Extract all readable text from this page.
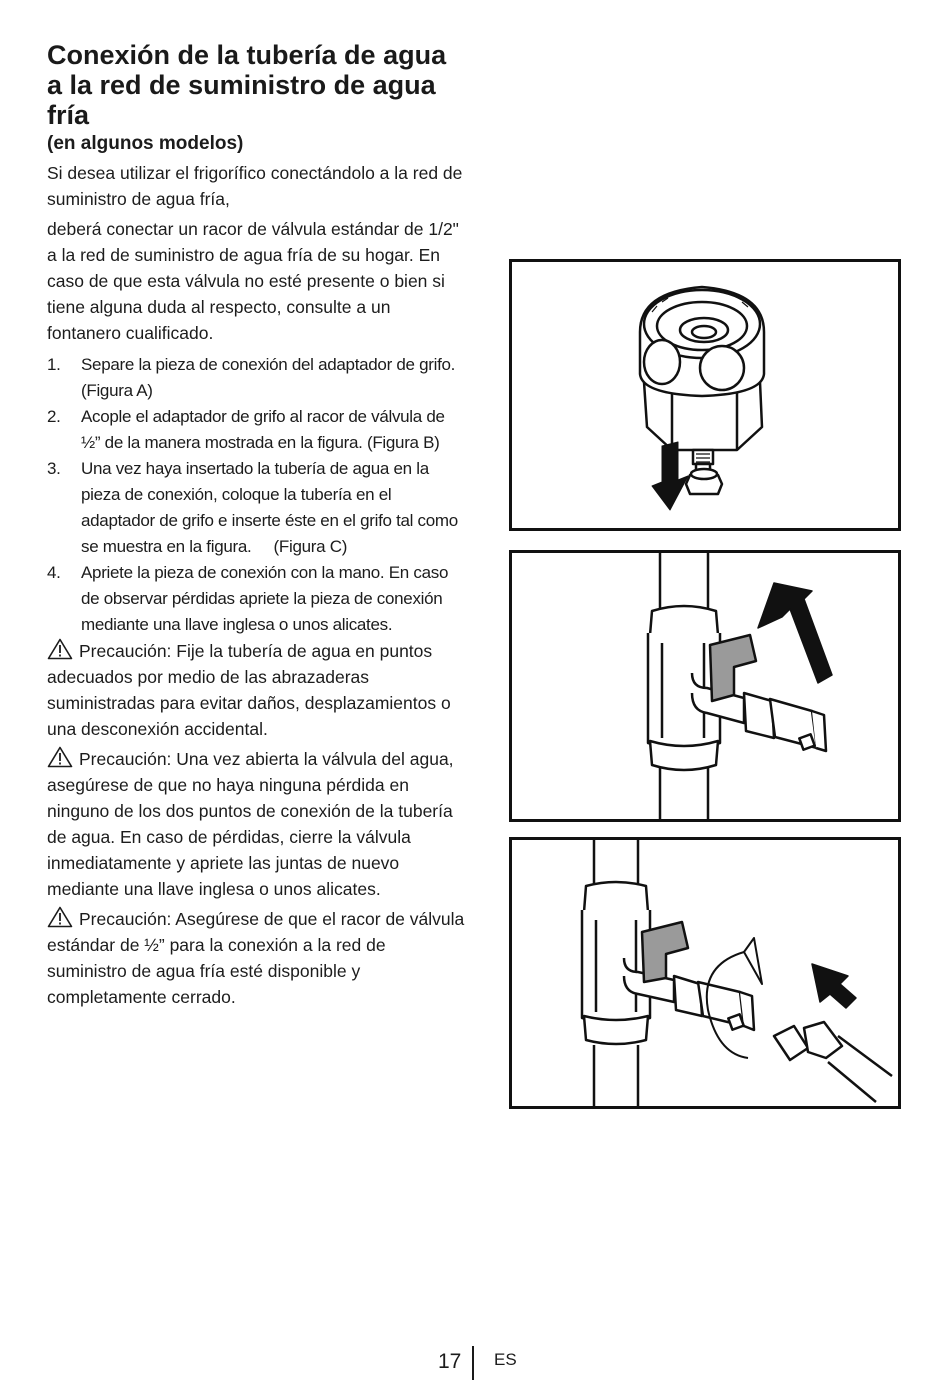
Conexión de la tubería de agua a la red de suministro de agua fría
(en algunos modelos)

Si desea utilizar el frigorífico conectándolo a la red de suministro de agua fría,

deberá conectar un racor de válvula estándar de 1/2" a la red de suministro de agua fría de su hogar. En caso de que esta válvula no esté presente o bien si tiene alguna duda al respecto, consulte a un fontanero cualificado.

1. Separe la pieza de conexión del adaptador de grifo. (Figura A)
2. Acople el adaptador de grifo al racor de válvula de ½” de la manera mostrada en la figura. (Figura B)
3. Una vez haya insertado la tubería de agua en la pieza de conexión, coloque la tubería en el adaptador de grifo e inserte éste en el grifo tal como se muestra en la figura.     (Figura C)
4. Apriete la pieza de conexión con la mano. En caso de observar pérdidas apriete la pieza de conexión mediante una llave inglesa o unos alicates.

Precaución: Fije la tubería de agua en puntos adecuados por medio de las abrazaderas suministradas para evitar daños, desplazamientos o una desconexión accidental.

Precaución: Una vez abierta la válvula del agua, asegúrese de que no haya ninguna pérdida en ninguno de los dos puntos de conexión de la tubería de agua. En caso de pérdidas, cierre la válvula inmediatamente y apriete las juntas de nuevo mediante una llave inglesa o unos alicates.

Precaución: Asegúrese de que el racor de válvula estándar de ½” para la conexión a la red de suministro de agua fría esté disponible y completamente cerrado.

17 ES
